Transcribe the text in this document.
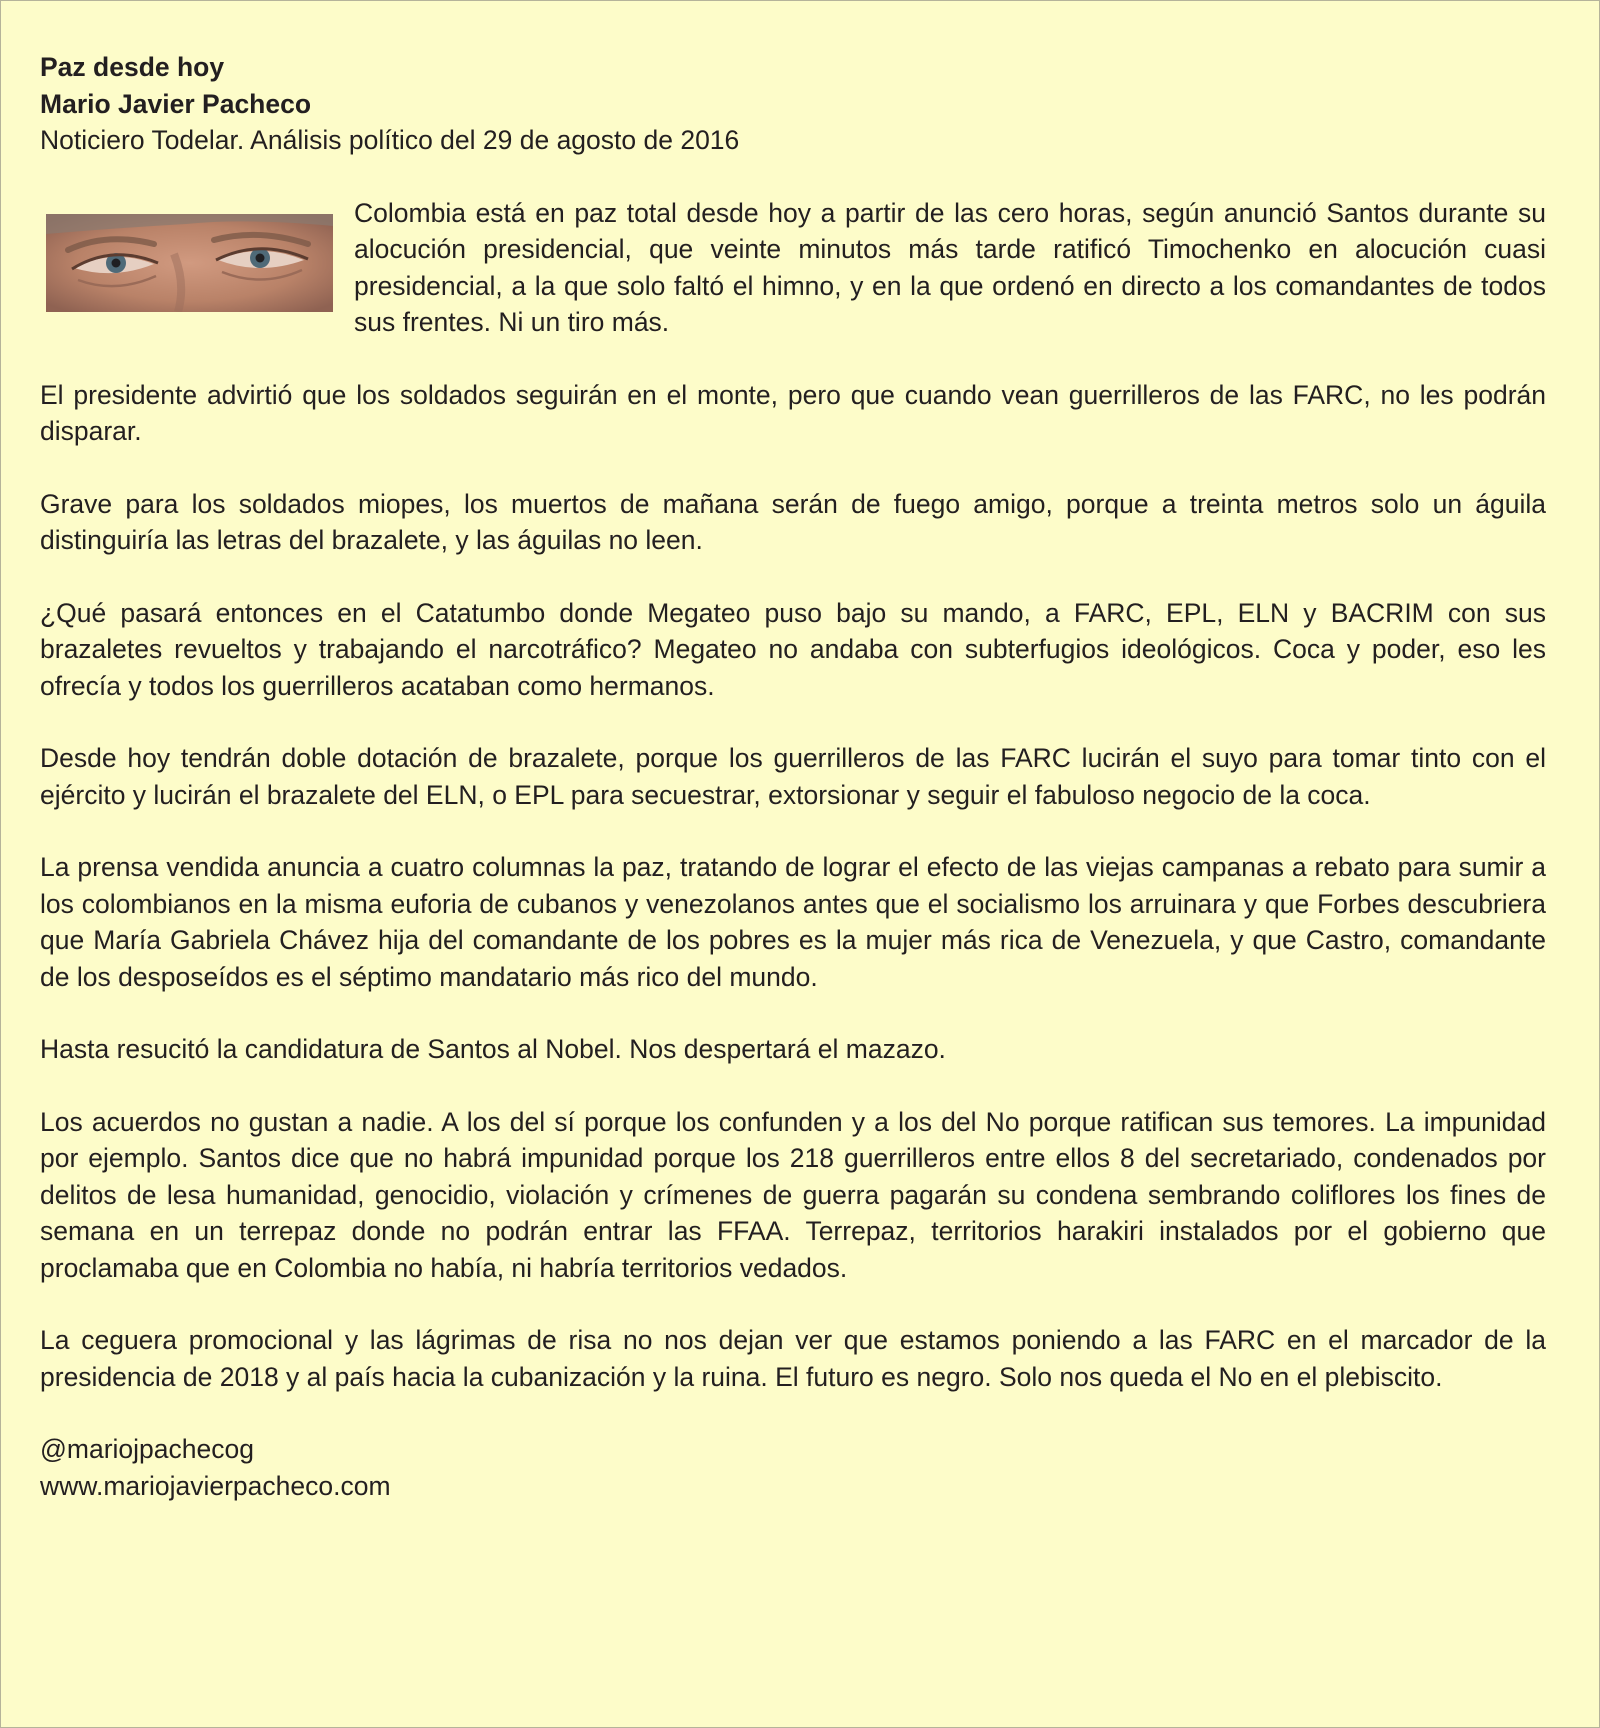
Paz desde hoy

Mario Javier Pacheco

Noticiero Todelar. Análisis político del 29 de agosto de 2016

Colombia está en paz total desde hoy a partir de las cero horas, según anunció Santos durante su alocución presidencial, que veinte minutos más tarde ratificó Timochenko en alocución cuasi presidencial, a la que solo faltó el himno, y en la que ordenó en directo a los comandantes de todos sus frentes. Ni un tiro más.

El presidente advirtió que los soldados seguirán en el monte, pero que cuando vean guerrilleros de las FARC, no les podrán disparar.

Grave para los soldados miopes, los muertos de mañana serán de fuego amigo, porque a treinta metros solo un águila distinguiría las letras del brazalete, y las águilas no leen.

¿Qué pasará entonces en el Catatumbo donde Megateo puso bajo su mando, a FARC, EPL, ELN y BACRIM con sus brazaletes revueltos y trabajando el narcotráfico? Megateo no andaba con subterfugios ideológicos. Coca y poder, eso les ofrecía y todos los guerrilleros acataban como hermanos.

Desde hoy tendrán doble dotación de brazalete, porque los guerrilleros de las FARC lucirán el suyo para tomar tinto con el ejército y lucirán el brazalete del ELN, o EPL para secuestrar, extorsionar y seguir el fabuloso negocio de la coca.

La prensa vendida anuncia a cuatro columnas la paz, tratando de lograr el efecto de las viejas campanas a rebato para sumir a los colombianos en la misma euforia de cubanos y venezolanos antes que el socialismo los arruinara y que Forbes descubriera que María Gabriela Chávez hija del comandante de los pobres es la mujer más rica de Venezuela, y que Castro, comandante de los desposeídos es el séptimo mandatario más rico del mundo.

Hasta resucitó la candidatura de Santos al Nobel. Nos despertará el mazazo.

Los acuerdos no gustan a nadie. A los del sí porque los confunden y a los del No porque ratifican sus temores. La impunidad por ejemplo. Santos dice que no habrá impunidad porque los 218 guerrilleros entre ellos 8 del secretariado, condenados por delitos de lesa humanidad, genocidio, violación y crímenes de guerra pagarán su condena sembrando coliflores los fines de semana en un terrepaz donde no podrán entrar las FFAA. Terrepaz, territorios harakiri instalados por el gobierno que proclamaba que en Colombia no había, ni habría territorios vedados.

La ceguera promocional y las lágrimas de risa no nos dejan ver que estamos poniendo a las FARC en el marcador de la presidencia de 2018 y al país hacia la cubanización y la ruina. El futuro es negro. Solo nos queda el No en el plebiscito.

@mariojpachecog

www.mariojavierpacheco.com
